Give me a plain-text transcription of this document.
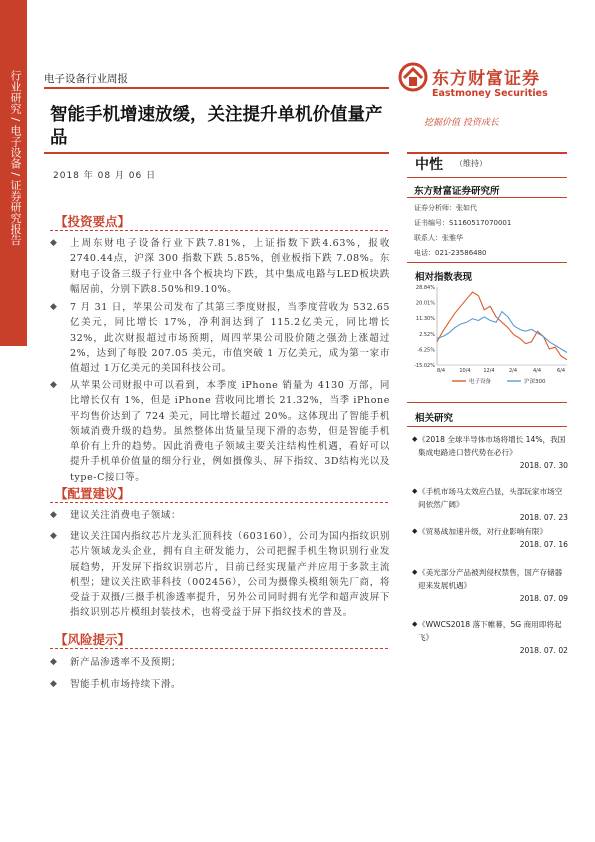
行业研究 / 电子设备 / 证券研究报告 电子设备行业周报	东方财富证券
Eastmoney Securities
挖掘价值 投资成长
智能手机增速放缓，关注提升单机价值量产品
2018 年 08 月 06 日
【投资要点】
◆ 上周东财电子设备行业下跌7.81%，上证指数下跌4.63%，报收2740.44点，沪深 300 指数下跌 5.85%，创业板指下跌 7.08%。东财电子设备三级子行业中各个板块均下跌，其中集成电路与LED板块跌幅居前，分别下跌8.50%和9.10%。
◆ 7 月 31 日，苹果公司发布了其第三季度财报，当季度营收为 532.65亿美元，同比增长 17%，净利润达到了 115.2亿美元，同比增长 32%，此次财报超过市场预期，周四苹果公司股价随之强劲上涨超过 2%，达到了每股 207.05 美元，市值突破 1 万亿美元，成为第一家市值超过 1万亿美元的美国科技公司。
◆ 从苹果公司财报中可以看到，本季度 iPhone 销量为 4130 万部，同比增长仅有 1%，但是 iPhone 营收同比增长 21.32%，当季 iPhone 平均售价达到了 724 美元，同比增长超过 20%。这体现出了智能手机领域消费升级的趋势。虽然整体出货量呈现下滑的态势，但是智能手机单价有上升的趋势。因此消费电子领域主要关注结构性机遇，看好可以提升手机单价值量的细分行业，例如摄像头、屏下指纹、3D结构光以及type-C接口等。
【配置建议】
◆ 建议关注消费电子领域：
◆ 建议关注国内指纹芯片龙头汇顶科技（603160），公司为国内指纹识别芯片领域龙头企业，拥有自主研发能力，公司把握手机生物识别行业发展趋势，开发屏下指纹识别芯片，目前已经实现量产并应用于多款主流机型；建议关注欧菲科技（002456），公司为摄像头模组领先厂商，将受益于双摄/三摄手机渗透率提升，另外公司同时拥有光学和超声波屏下指纹识别芯片模组封装技术，也将受益于屏下指纹技术的普及。
【风险提示】
◆ 新产品渗透率不及预期；
◆ 智能手机市场持续下滑。
中性 （维持）
东方财富证券研究所
证券分析师：张如代
证书编号：S1160517070001
联系人：张雅华
电话：021-23586480
相对指数表现
28.84%
20.01%
11.30%
2.52%
-6.25%
-15.02%
8/4	10/4	12/4	2/4	4/4	6/4
电子设备	沪深300
相关研究
◆ 《2018 全球半导体市场将增长 14%，我国集成电路进口替代势在必行》
2018. 07. 30
◆ 《手机市场马太效应凸显，头部玩家市场空间依然广阔》
2018. 07. 23
◆ 《贸易战加速升级，对行业影响有限》
2018. 07. 16
◆ 《美光部分产品被判侵权禁售，国产存储器迎来发展机遇》
2018. 07. 09
◆ 《WWCS2018 落下帷幕，5G 商用即将起飞》
2018. 07. 02
